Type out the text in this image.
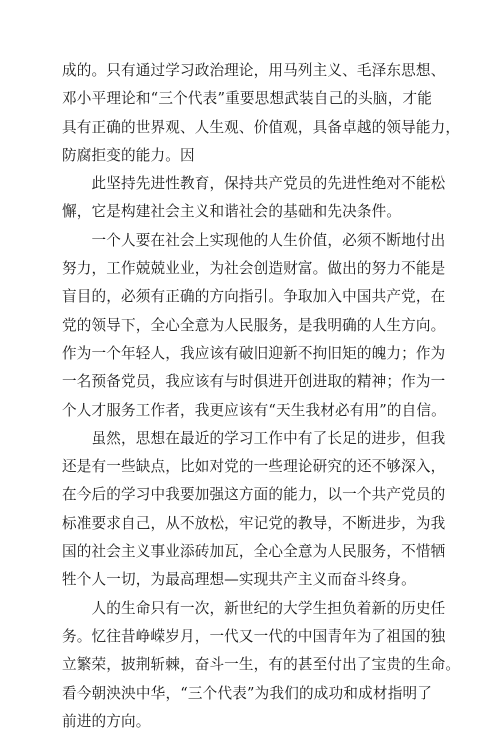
成的。只有通过学习政治理论，用马列主义、毛泽东思想、
邓小平理论和“三个代表”重要思想武装自己的头脑，才能
具有正确的世界观、人生观、价值观，具备卓越的领导能力，
防腐拒变的能力。因
　　此坚持先进性教育，保持共产党员的先进性绝对不能松
懈，它是构建社会主义和谐社会的基础和先决条件。
　　一个人要在社会上实现他的人生价值，必须不断地付出
努力，工作兢兢业业，为社会创造财富。做出的努力不能是
盲目的，必须有正确的方向指引。争取加入中国共产党，在
党的领导下，全心全意为人民服务，是我明确的人生方向。
作为一个年轻人，我应该有破旧迎新不拘旧矩的魄力；作为
一名预备党员，我应该有与时俱进开创进取的精神；作为一
个人才服务工作者，我更应该有“天生我材必有用”的自信。
　　虽然，思想在最近的学习工作中有了长足的进步，但我
还是有一些缺点，比如对党的一些理论研究的还不够深入，
在今后的学习中我要加强这方面的能力，以一个共产党员的
标准要求自己，从不放松，牢记党的教导，不断进步，为我
国的社会主义事业添砖加瓦，全心全意为人民服务，不惜牺
牲个人一切，为最高理想—实现共产主义而奋斗终身。
　　人的生命只有一次，新世纪的大学生担负着新的历史任
务。忆往昔峥嵘岁月，一代又一代的中国青年为了祖国的独
立繁荣，披荆斩棘，奋斗一生，有的甚至付出了宝贵的生命。
看今朝泱泱中华，“三个代表”为我们的成功和成材指明了
前进的方向。
